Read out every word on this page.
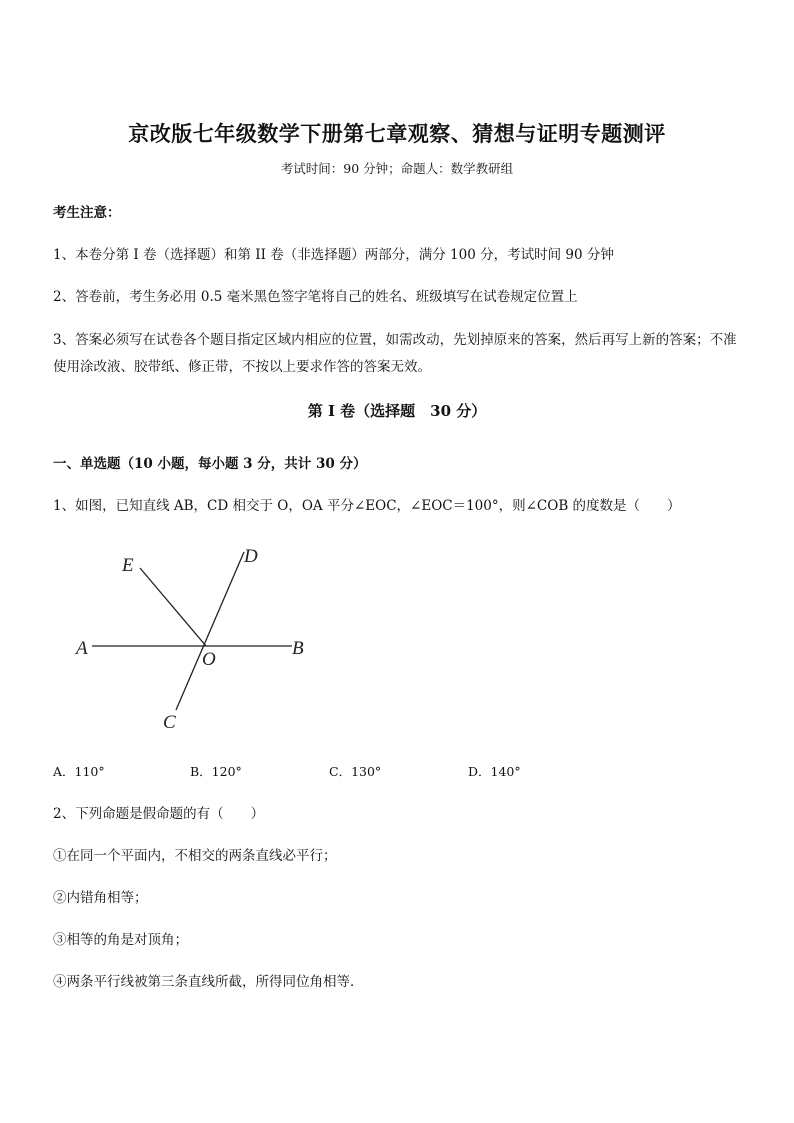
京改版七年级数学下册第七章观察、猜想与证明专题测评
考试时间：90 分钟；命题人：数学教研组
考生注意：
1、本卷分第 I 卷（选择题）和第 II 卷（非选择题）两部分，满分 100 分，考试时间 90 分钟
2、答卷前，考生务必用 0.5 毫米黑色签字笔将自己的姓名、班级填写在试卷规定位置上
3、答案必须写在试卷各个题目指定区域内相应的位置，如需改动，先划掉原来的答案，然后再写上新的答案；不准使用涂改液、胶带纸、修正带，不按以上要求作答的答案无效。
第 I 卷（选择题　30 分）
一、单选题（10 小题，每小题 3 分，共计 30 分）
1、如图，已知直线 AB，CD 相交于 O，OA 平分∠EOC，∠EOC＝100°，则∠COB 的度数是（　　）
E	D
A
O
B
C
A．110°	B．120°	C．130°	D．140°
2、下列命题是假命题的有（　　）
①在同一个平面内，不相交的两条直线必平行；
②内错角相等；
③相等的角是对顶角；
④两条平行线被第三条直线所截，所得同位角相等．
